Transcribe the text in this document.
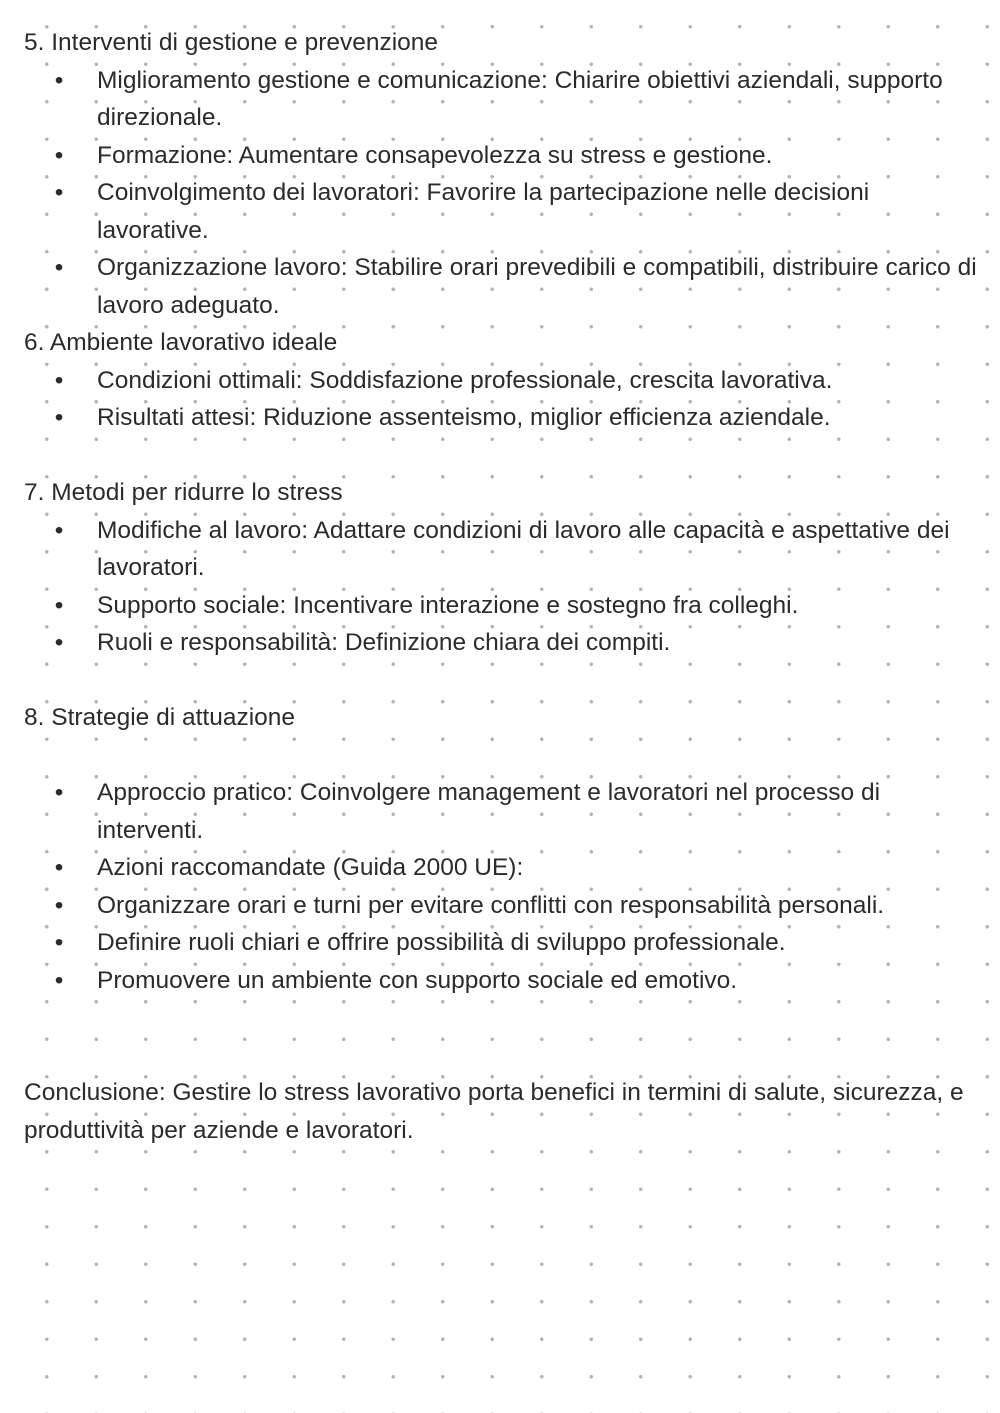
5. Interventi di gestione e prevenzione
• Miglioramento gestione e comunicazione: Chiarire obiettivi aziendali, supporto direzionale.
• Formazione: Aumentare consapevolezza su stress e gestione.
• Coinvolgimento dei lavoratori: Favorire la partecipazione nelle decisioni lavorative.
• Organizzazione lavoro: Stabilire orari prevedibili e compatibili, distribuire carico di lavoro adeguato.
6. Ambiente lavorativo ideale
• Condizioni ottimali: Soddisfazione professionale, crescita lavorativa.
• Risultati attesi: Riduzione assenteismo, miglior efficienza aziendale.
7. Metodi per ridurre lo stress
• Modifiche al lavoro: Adattare condizioni di lavoro alle capacità e aspettative dei lavoratori.
• Supporto sociale: Incentivare interazione e sostegno fra colleghi.
• Ruoli e responsabilità: Definizione chiara dei compiti.
8. Strategie di attuazione
• Approccio pratico: Coinvolgere management e lavoratori nel processo di interventi.
• Azioni raccomandate (Guida 2000 UE):
• Organizzare orari e turni per evitare conflitti con responsabilità personali.
• Definire ruoli chiari e offrire possibilità di sviluppo professionale.
• Promuovere un ambiente con supporto sociale ed emotivo.

Conclusione: Gestire lo stress lavorativo porta benefici in termini di salute, sicurezza, e produttività per aziende e lavoratori.
